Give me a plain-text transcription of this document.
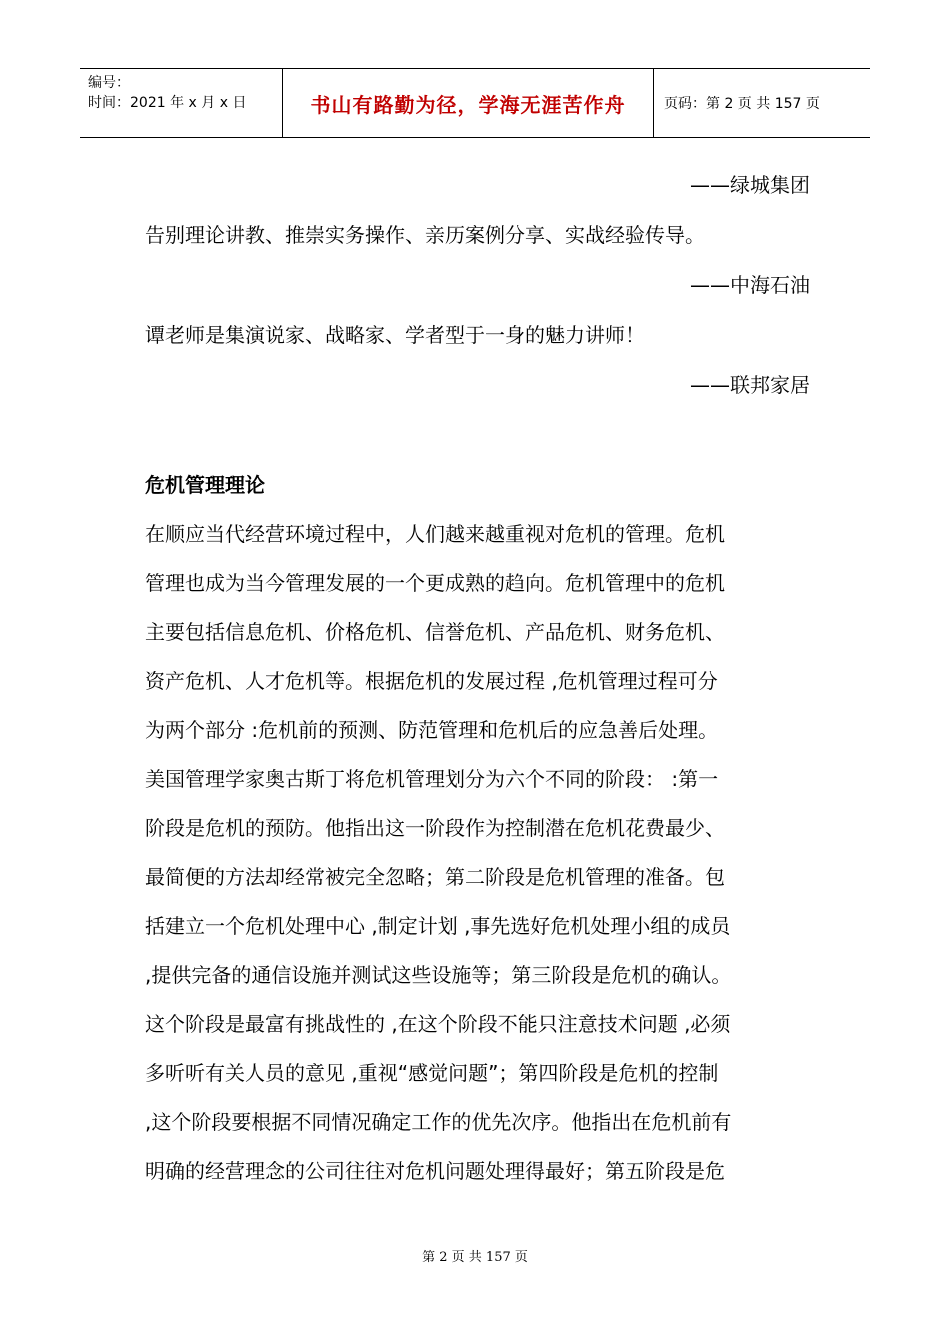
编号：
时间：2021 年 x 月 x 日	书山有路勤为径，学海无涯苦作舟	页码：第 2 页 共 157 页
——绿城集团
告别理论讲教、推崇实务操作、亲历案例分享、实战经验传导。
——中海石油
谭老师是集演说家、战略家、学者型于一身的魅力讲师！
——联邦家居
危机管理理论
在顺应当代经营环境过程中，人们越来越重视对危机的管理。危机
管理也成为当今管理发展的一个更成熟的趋向。危机管理中的危机
主要包括信息危机、价格危机、信誉危机、产品危机、财务危机、
资产危机、人才危机等。根据危机的发展过程 ,危机管理过程可分
为两个部分 :危机前的预测、防范管理和危机后的应急善后处理。
美国管理学家奥古斯丁将危机管理划分为六个不同的阶段： :第一
阶段是危机的预防。他指出这一阶段作为控制潜在危机花费最少、
最简便的方法却经常被完全忽略；第二阶段是危机管理的准备。包
括建立一个危机处理中心 ,制定计划 ,事先选好危机处理小组的成员
,提供完备的通信设施并测试这些设施等；第三阶段是危机的确认。
这个阶段是最富有挑战性的 ,在这个阶段不能只注意技术问题 ,必须
多听听有关人员的意见 ,重视“感觉问题”；第四阶段是危机的控制
,这个阶段要根据不同情况确定工作的优先次序。他指出在危机前有
明确的经营理念的公司往往对危机问题处理得最好；第五阶段是危
第 2 页 共 157 页
